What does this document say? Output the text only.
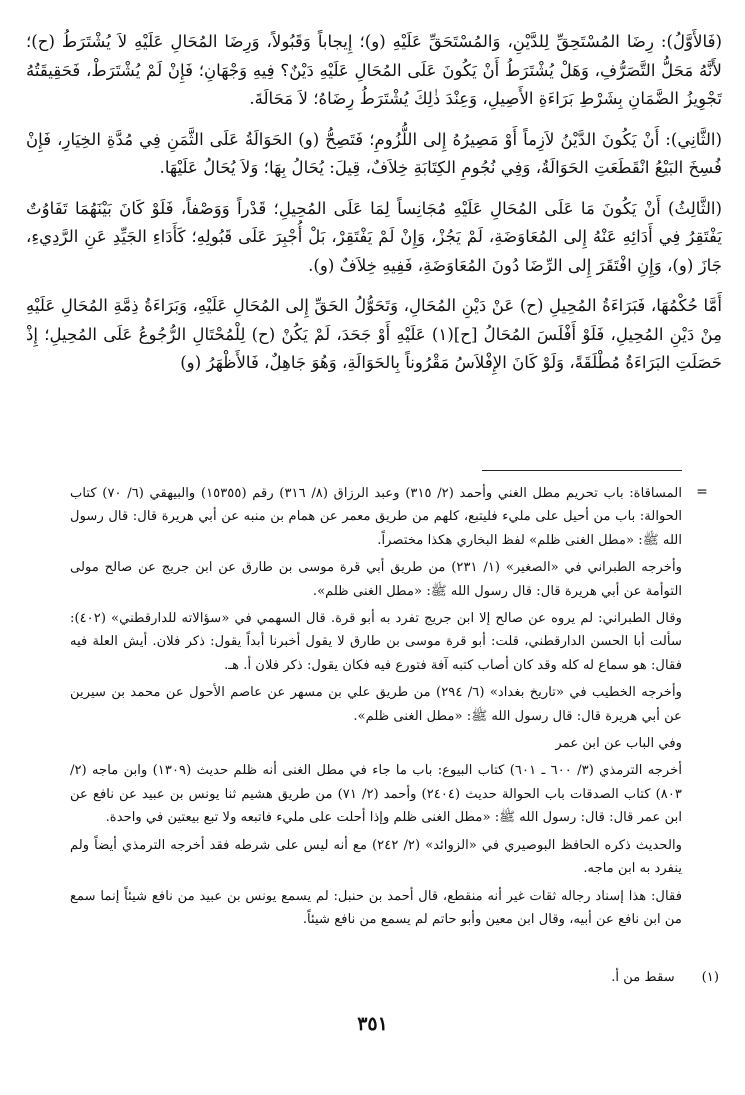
(فَالأَوَّلُ): رِضَا المُسْتَحِقِّ لِلدَّيْنِ، وَالمُسْتَحَقِّ عَلَيْهِ (و)؛ إِيجاباً وَقَبُولاً، وَرِضَا المُحَالِ عَلَيْهِ لاَ يُشْتَرَطُ (ح)؛ لأَنَّهُ مَحَلُّ التَّصَرُّفِ، وَهَلْ يُشْتَرَطُ أَنْ يَكُونَ عَلَى المُحَالِ عَلَيْهِ دَيْنٌ؟ فِيهِ وَجْهَانِ؛ فَإِنْ لَمْ يُشْتَرَطْ، فَحَقِيقَتُهُ تَجْوِيزُ الضَّمَانِ بِشَرْطِ بَرَاءَةِ الأَصِيلِ، وَعِنْدَ ذٰلِكَ يُشْتَرَطُ رِضَاهُ؛ لاَ مَحَالَةَ.

(الثَّانِي): أَنْ يَكُونَ الدَّيْنُ لاَزِماً أَوْ مَصِيرُهُ إِلى اللُّزُومِ؛ فَتَصِحُّ (و) الحَوَالَةُ عَلَى الثَّمَنِ فِي مُدَّةِ الخِيَارِ، فَإِنْ فُسِخَ البَيْعُ انْقَطَعَتِ الحَوَالَةُ، وَفِي نُجُومِ الكِتَابَةِ خِلاَفٌ، قِيلَ: يُحَالُ بِهَا؛ وَلاَ يُحَالُ عَلَيْهَا.

(الثَّالِثُ) أَنْ يَكُونَ مَا عَلَى المُحَالِ عَلَيْهِ مُجَانِساً لِمَا عَلَى المُحِيلِ؛ قَدْراً وَوَصْفاً، فَلَوْ كَانَ بَيْنَهُمَا تَفَاوُتٌ يَفْتَقِرُ فِي أَدَائِهِ عَنْهُ إِلى المُعَاوَضَةِ، لَمْ يَجُزْ، وَإِنْ لَمْ يَفْتَقِرْ، بَلْ أُجْبِرَ عَلَى قَبُولِهِ؛ كَأَدَاءِ الجَيِّدِ عَنِ الرَّدِيءِ، جَازَ (و)، وَإِنِ افْتَقَرَ إِلى الرِّضَا دُونَ المُعَاوَضَةِ، فَفِيهِ خِلاَفٌ (و).

أَمَّا حُكْمُهَا، فَبَرَاءَةُ المُحِيلِ (ح) عَنْ دَيْنِ المُحَالِ، وَتَحَوُّلُ الحَقِّ إِلى المُحَالِ عَلَيْهِ، وَبَرَاءَةُ ذِمَّةِ المُحَالِ عَلَيْهِ مِنْ دَيْنِ المُحِيلِ، فَلَوْ أَفْلَسَ المُحَالُ [ح](١) عَلَيْهِ أَوْ جَحَدَ، لَمْ يَكُنْ (ح) لِلْمُحْتَالِ الرُّجُوعُ عَلَى المُحِيلِ؛ إِذْ حَصَلَتِ البَرَاءَةُ مُطْلَقَةً، وَلَوْ كَانَ الإِفْلاَسُ مَقْرُوناً بِالحَوَالَةِ، وَهُوَ جَاهِلٌ، فَالأَظْهَرُ (و)

=

المساقاة: باب تحريم مطل الغني وأحمد (٢/ ٣١٥) وعبد الرزاق (٨/ ٣١٦) رقم (١٥٣٥٥) والبيهقي (٦/ ٧٠) كتاب الحوالة: باب من أحيل على مليء فليتبع، كلهم من طريق معمر عن همام بن منبه عن أبي هريرة قال: قال رسول الله ﷺ: «مطل الغنى ظلم» لفظ البخاري هكذا مختصراً.

وأخرجه الطبراني في «الصغير» (١/ ٢٣١) من طريق أبي قرة موسى بن طارق عن ابن جريج عن صالح مولى التوأمة عن أبي هريرة قال: قال رسول الله ﷺ: «مطل الغنى ظلم».

وقال الطبراني: لم يروه عن صالح إلا ابن جريج تفرد به أبو قرة. قال السهمي في «سؤالاته للدارقطني» (٤٠٢): سألت أبا الحسن الدارقطني، قلت: أبو قرة موسى بن طارق لا يقول أخبرنا أبداً يقول: ذكر فلان. أيش العلة فيه فقال: هو سماع له كله وقد كان أصاب كتبه آفة فتورع فيه فكان يقول: ذكر فلان أ. هـ.

وأخرجه الخطيب في «تاريخ بغداد» (٦/ ٢٩٤) من طريق علي بن مسهر عن عاصم الأحول عن محمد بن سيرين عن أبي هريرة قال: قال رسول الله ﷺ: «مطل الغنى ظلم».

وفي الباب عن ابن عمر

أخرجه الترمذي (٣/ ٦٠٠ ـ ٦٠١) كتاب البيوع: باب ما جاء في مطل الغنى أنه ظلم حديث (١٣٠٩) وابن ماجه (٢/ ٨٠٣) كتاب الصدقات باب الحوالة حديث (٢٤٠٤) وأحمد (٢/ ٧١) من طريق هشيم ثنا يونس بن عبيد عن نافع عن ابن عمر قال: قال: رسول الله ﷺ: «مطل الغنى ظلم وإذا أحلت على مليء فاتبعه ولا تبع بيعتين في واحدة.

والحديث ذكره الحافظ البوصيري في «الزوائد» (٢/ ٢٤٢) مع أنه ليس على شرطه فقد أخرجه الترمذي أيضاً ولم ينفرد به ابن ماجه.

فقال: هذا إسناد رجاله ثقات غير أنه منقطع، قال أحمد بن حنبل: لم يسمع يونس بن عبيد من نافع شيئاً إنما سمع من ابن نافع عن أبيه، وقال ابن معين وأبو حاتم لم يسمع من نافع شيئاً.

(١) سقط من أ.
٣٥١
